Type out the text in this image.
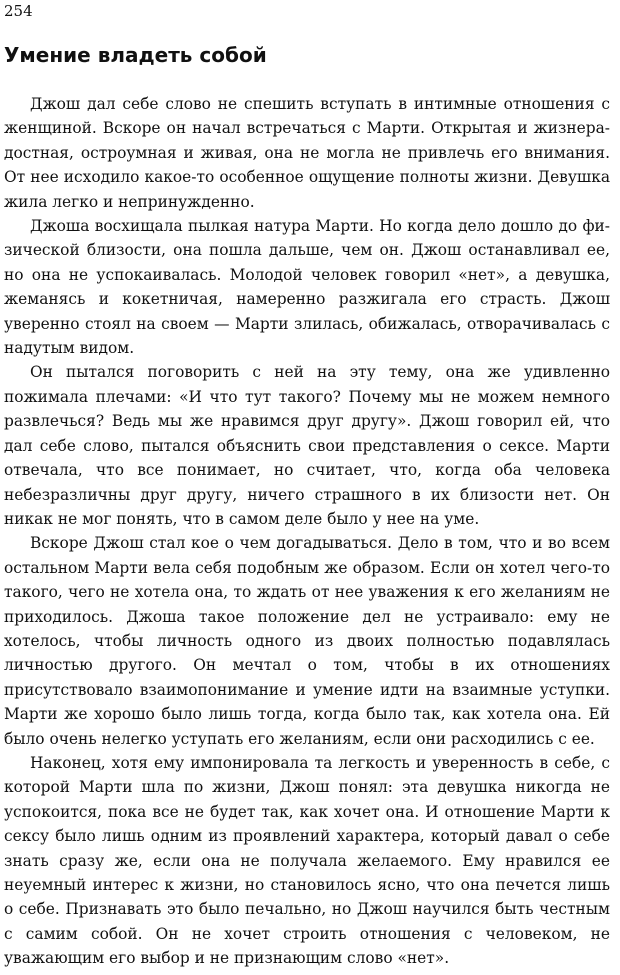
254
Умение владеть собой

Джош дал себе слово не спешить вступать в интимные отношения с женщиной. Вскоре он начал встречаться с Марти. Открытая и жизнерадостная, остроумная и живая, она не могла не привлечь его внимания. От нее исходило какое-то особенное ощущение полноты жизни. Девушка жила легко и непринужденно.

Джоша восхищала пылкая натура Марти. Но когда дело дошло до физической близости, она пошла дальше, чем он. Джош останавливал ее, но она не успокаивалась. Молодой человек говорил «нет», а девушка, жеманясь и кокетничая, намеренно разжигала его страсть. Джош уверенно стоял на своем — Марти злилась, обижалась, отворачивалась с надутым видом.

Он пытался поговорить с ней на эту тему, она же удивленно пожимала плечами: «И что тут такого? Почему мы не можем немного развлечься? Ведь мы же нравимся друг другу». Джош говорил ей, что дал себе слово, пытался объяснить свои представления о сексе. Марти отвечала, что все понимает, но считает, что, когда оба человека небезразличны друг другу, ничего страшного в их близости нет. Он никак не мог понять, что в самом деле было у нее на уме.

Вскоре Джош стал кое о чем догадываться. Дело в том, что и во всем остальном Марти вела себя подобным же образом. Если он хотел чего-то такого, чего не хотела она, то ждать от нее уважения к его желаниям не приходилось. Джоша такое положение дел не устраивало: ему не хотелось, чтобы личность одного из двоих полностью подавлялась личностью другого. Он мечтал о том, чтобы в их отношениях присутствовало взаимопонимание и умение идти на взаимные уступки. Марти же хорошо было лишь тогда, когда было так, как хотела она. Ей было очень нелегко уступать его желаниям, если они расходились с ее.

Наконец, хотя ему импонировала та легкость и уверенность в себе, с которой Марти шла по жизни, Джош понял: эта девушка никогда не успокоится, пока все не будет так, как хочет она. И отношение Марти к сексу было лишь одним из проявлений характера, который давал о себе знать сразу же, если она не получала желаемого. Ему нравился ее неуемный интерес к жизни, но становилось ясно, что она печется лишь о себе. Признавать это было печально, но Джош научился быть честным с самим собой. Он не хочет строить отношения с человеком, не уважающим его выбор и не признающим слово «нет».
